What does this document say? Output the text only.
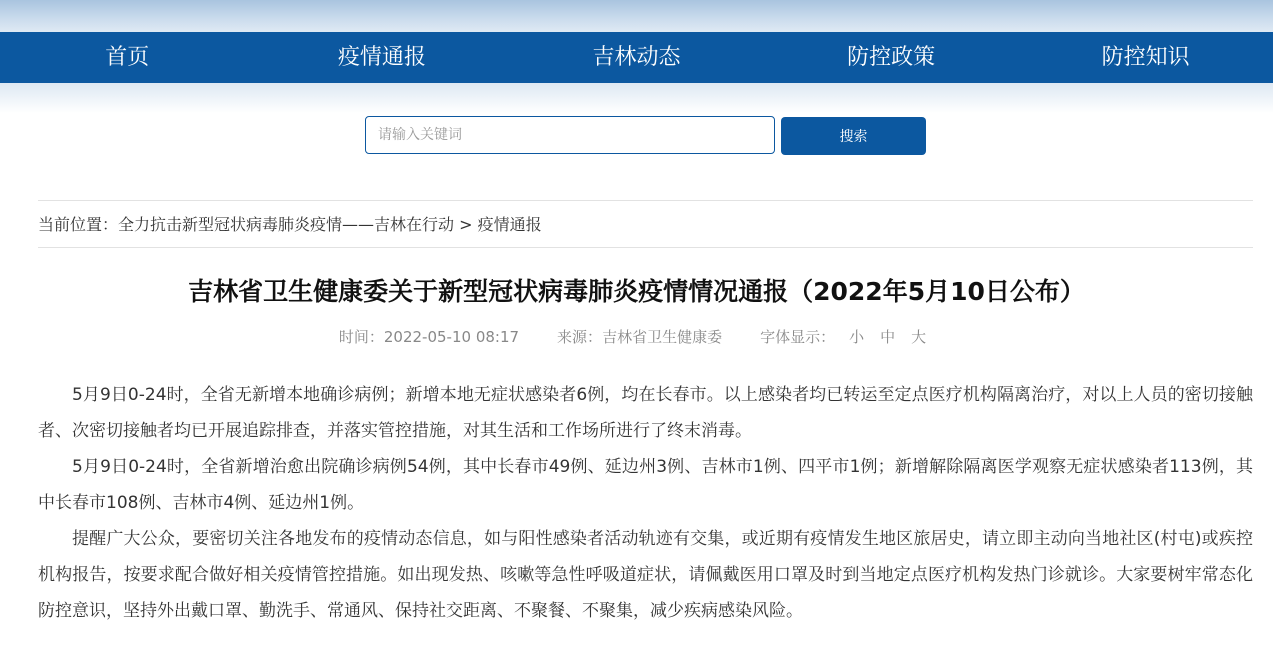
首页	疫情通报	吉林动态	防控政策	防控知识
请输入关键词
搜索
当前位置：全力抗击新型冠状病毒肺炎疫情——吉林在行动 > 疫情通报
吉林省卫生健康委关于新型冠状病毒肺炎疫情情况通报（2022年5月10日公布）
时间：2022-05-10 08:17	来源：吉林省卫生健康委	字体显示： 小 中 大

5月9日0-24时，全省无新增本地确诊病例；新增本地无症状感染者6例，均在长春市。以上感染者均已转运至定点医疗机构隔离治疗，对以上人员的密切接触者、次密切接触者均已开展追踪排查，并落实管控措施，对其生活和工作场所进行了终末消毒。

5月9日0-24时，全省新增治愈出院确诊病例54例，其中长春市49例、延边州3例、吉林市1例、四平市1例；新增解除隔离医学观察无症状感染者113例，其中长春市108例、吉林市4例、延边州1例。

提醒广大公众，要密切关注各地发布的疫情动态信息，如与阳性感染者活动轨迹有交集，或近期有疫情发生地区旅居史，请立即主动向当地社区(村屯)或疾控机构报告，按要求配合做好相关疫情管控措施。如出现发热、咳嗽等急性呼吸道症状，请佩戴医用口罩及时到当地定点医疗机构发热门诊就诊。大家要树牢常态化防控意识，坚持外出戴口罩、勤洗手、常通风、保持社交距离、不聚餐、不聚集，减少疾病感染风险。
